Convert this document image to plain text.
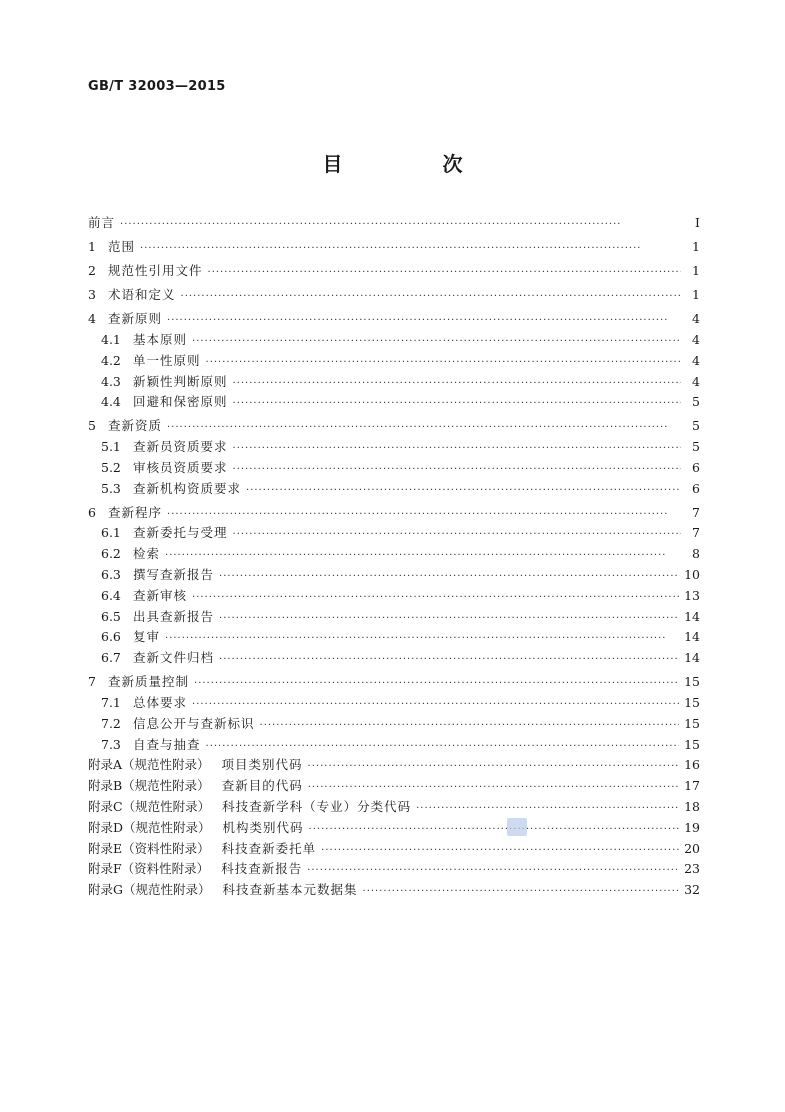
GB/T 32003—2015
目　次
前言 ·····	I
1 范围 ·····	1
2 规范性引用文件 ·····	1
3 术语和定义 ·····	1
4 查新原则 ·····	4
4.1 基本原则 ·····	4
4.2 单一性原则 ·····	4
4.3 新颖性判断原则 ·····	4
4.4 回避和保密原则 ·····	5
5 查新资质 ·····	5
5.1 查新员资质要求 ·····	5
5.2 审核员资质要求 ·····	6
5.3 查新机构资质要求 ·····	6
6 查新程序 ·····	7
6.1 查新委托与受理 ·····	7
6.2 检索 ·····	8
6.3 撰写查新报告 ·····	10
6.4 查新审核 ·····	13
6.5 出具查新报告 ·····	14
6.6 复审 ·····	14
6.7 查新文件归档 ·····	14
7 查新质量控制 ·····	15
7.1 总体要求 ·····	15
7.2 信息公开与查新标识 ·····	15
7.3 自查与抽查 ·····	15
附录A（规范性附录） 项目类别代码 ·····	16
附录B（规范性附录） 查新目的代码 ·····	17
附录C（规范性附录） 科技查新学科（专业）分类代码 ·····	18
附录D（规范性附录） 机构类别代码 ·····	19
附录E（资料性附录） 科技查新委托单 ·····	20
附录F（资料性附录） 科技查新报告 ·····	23
附录G（规范性附录） 科技查新基本元数据集 ·····	32
